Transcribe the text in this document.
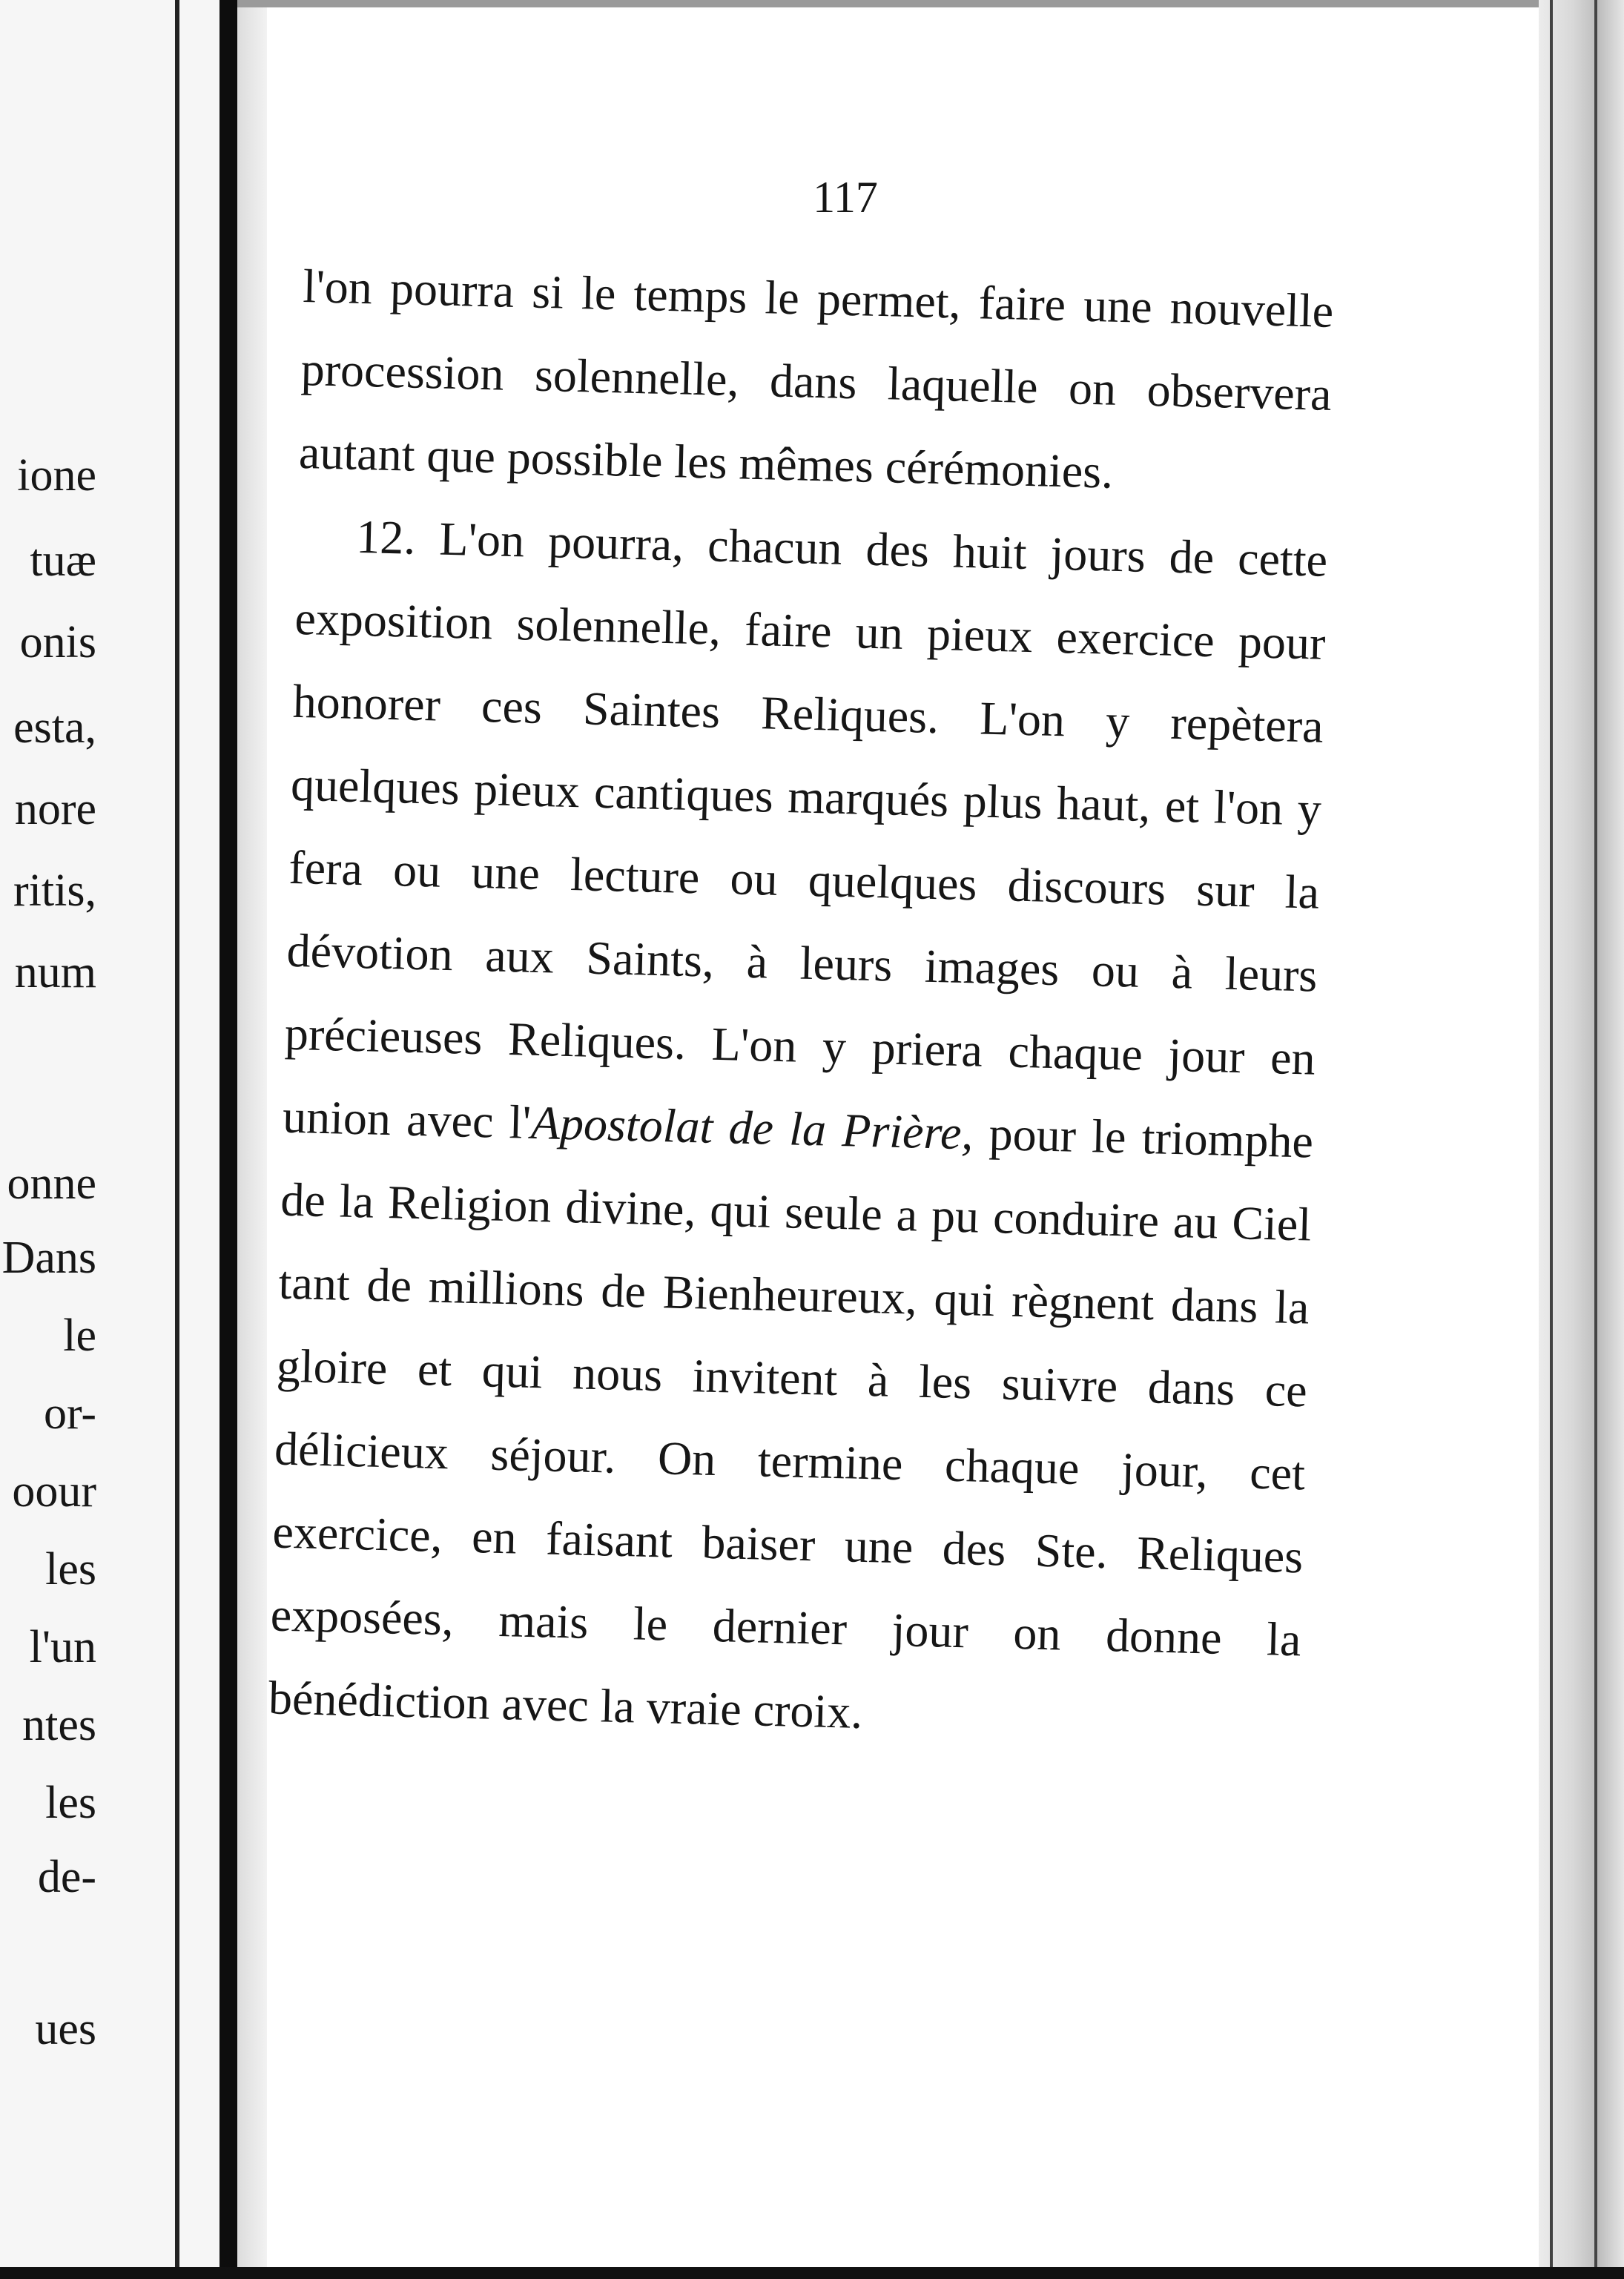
ione
tuæ
onis
esta,
nore
ritis,
num
onne
Dans
le
or-
oour
les
l'un
ntes
les
de-
ues
117

l'on pourra si le temps le permet, faire une nouvelle procession solennelle, dans laquelle on observera autant que possible les mêmes cérémonies.

12. L'on pourra, chacun des huit jours de cette exposition solennelle, faire un pieux exercice pour honorer ces Saintes Reliques. L'on y repètera quelques pieux cantiques marqués plus haut, et l'on y fera ou une lecture ou quelques discours sur la dévotion aux Saints, à leurs images ou à leurs précieuses Reliques. L'on y priera chaque jour en union avec l'Apostolat de la Prière, pour le triomphe de la Religion divine, qui seule a pu conduire au Ciel tant de millions de Bienheureux, qui règnent dans la gloire et qui nous invitent à les suivre dans ce délicieux séjour. On termine chaque jour, cet exercice, en faisant baiser une des Ste. Reliques exposées, mais le dernier jour on donne la bénédiction avec la vraie croix.
